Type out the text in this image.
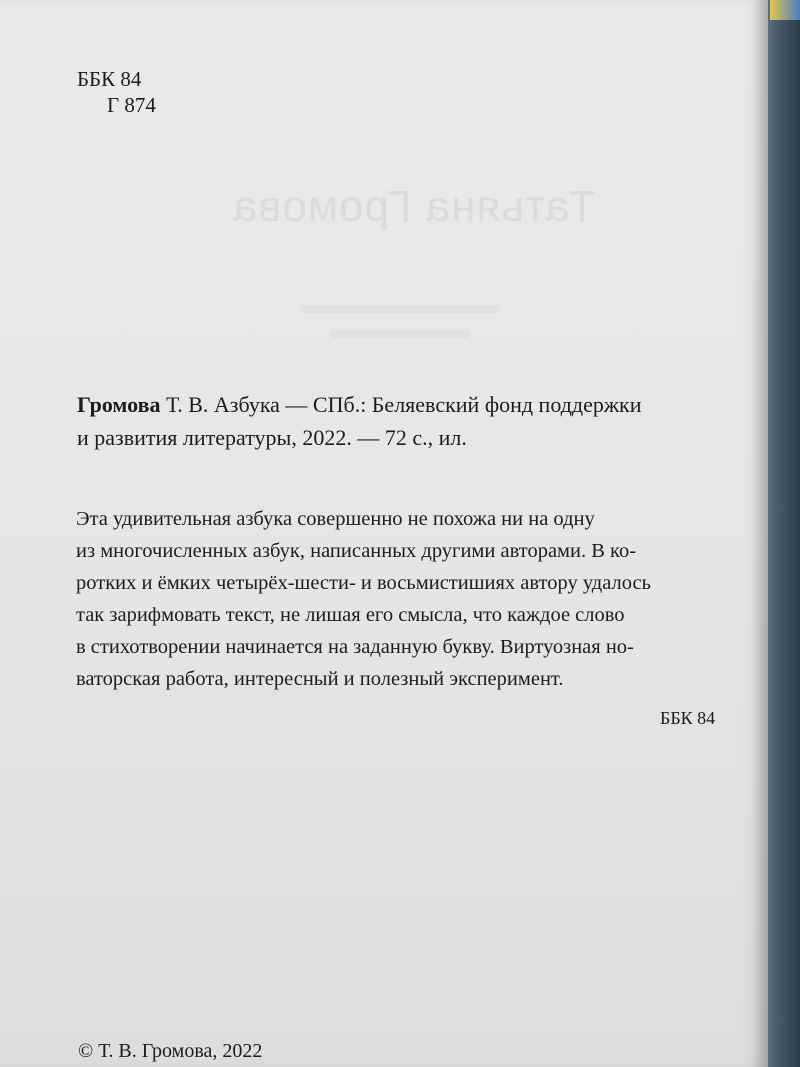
Татьяна Громова
ББК 84
Г 874
Громова Т. В. Азбука — СПб.: Беляевский фонд поддержки
и развития литературы, 2022. — 72 с., ил.
Эта удивительная азбука совершенно не похожа ни на одну
из многочисленных азбук, написанных другими авторами. В ко-
ротких и ёмких четырёх-шести- и восьмистишиях автору удалось
так зарифмовать текст, не лишая его смысла, что каждое слово
в стихотворении начинается на заданную букву. Виртуозная но-
ваторская работа, интересный и полезный эксперимент.
ББК 84
© Т. В. Громова, 2022
